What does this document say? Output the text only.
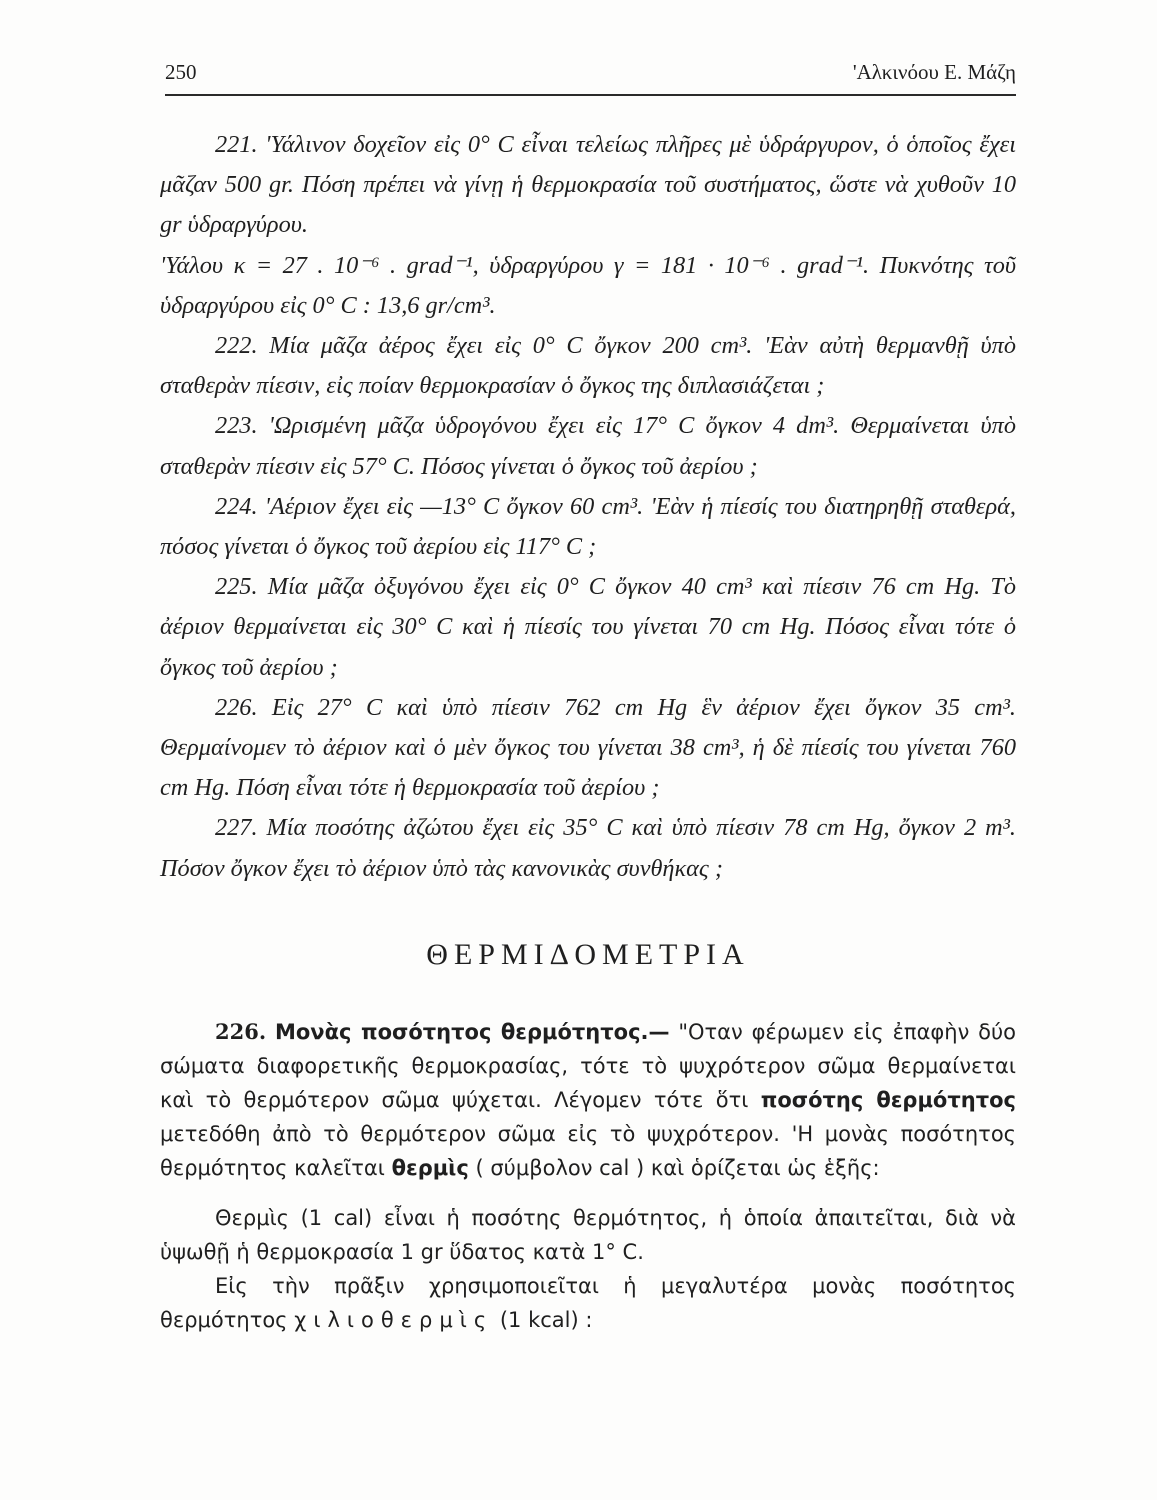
250	'Αλκινόου Ε. Μάζη

221. 'Υάλινον δοχεῖον εἰς 0° C εἶναι τελείως πλῆρες μὲ ὑδράργυρον, ὁ ὁποῖος ἔχει μᾶζαν 500 gr. Πόση πρέπει νὰ γίνῃ ἡ θερμοκρασία τοῦ συστήματος, ὥστε νὰ χυθοῦν 10 gr ὑδραργύρου.

'Υάλου κ = 27 . 10⁻⁶ . grad⁻¹, ὑδραργύρου γ = 181 · 10⁻⁶ . grad⁻¹. Πυκνότης τοῦ ὑδραργύρου εἰς 0° C : 13,6 gr/cm³.

222. Μία μᾶζα ἀέρος ἔχει εἰς 0° C ὄγκον 200 cm³. 'Εὰν αὐτὴ θερμανθῇ ὑπὸ σταθερὰν πίεσιν, εἰς ποίαν θερμοκρασίαν ὁ ὄγκος της διπλασιάζεται ;

223. 'Ωρισμένη μᾶζα ὑδρογόνου ἔχει εἰς 17° C ὄγκον 4 dm³. Θερμαίνεται ὑπὸ σταθερὰν πίεσιν εἰς 57° C. Πόσος γίνεται ὁ ὄγκος τοῦ ἀερίου ;

224. 'Αέριον ἔχει εἰς —13° C ὄγκον 60 cm³. 'Εὰν ἡ πίεσίς του διατηρηθῇ σταθερά, πόσος γίνεται ὁ ὄγκος τοῦ ἀερίου εἰς 117° C ;

225. Μία μᾶζα ὀξυγόνου ἔχει εἰς 0° C ὄγκον 40 cm³ καὶ πίεσιν 76 cm Hg. Τὸ ἀέριον θερμαίνεται εἰς 30° C καὶ ἡ πίεσίς του γίνεται 70 cm Hg. Πόσος εἶναι τότε ὁ ὄγκος τοῦ ἀερίου ;

226. Εἰς 27° C καὶ ὑπὸ πίεσιν 762 cm Hg ἓν ἀέριον ἔχει ὄγκον 35 cm³. Θερμαίνομεν τὸ ἀέριον καὶ ὁ μὲν ὄγκος του γίνεται 38 cm³, ἡ δὲ πίεσίς του γίνεται 760 cm Hg. Πόση εἶναι τότε ἡ θερμοκρασία τοῦ ἀερίου ;

227. Μία ποσότης ἀζώτου ἔχει εἰς 35° C καὶ ὑπὸ πίεσιν 78 cm Hg, ὄγκον 2 m³. Πόσον ὄγκον ἔχει τὸ ἀέριον ὑπὸ τὰς κανονικὰς συνθήκας ;

ΘΕΡΜΙΔΟΜΕΤΡΙΑ

226. Μονὰς ποσότητος θερμότητος.— "Οταν φέρωμεν εἰς ἐπαφὴν δύο σώματα διαφορετικῆς θερμοκρασίας, τότε τὸ ψυχρότερον σῶμα θερμαίνεται καὶ τὸ θερμότερον σῶμα ψύχεται. Λέγομεν τότε ὅτι ποσότης θερμότητος μετεδόθη ἀπὸ τὸ θερμότερον σῶμα εἰς τὸ ψυχρότερον. 'Η μονὰς ποσότητος θερμότητος καλεῖται θερμὶς ( σύμβολον cal ) καὶ ὁρίζεται ὡς ἑξῆς:

Θερμὶς (1 cal) εἶναι ἡ ποσότης θερμότητος, ἡ ὁποία ἀπαιτεῖται, διὰ νὰ ὑψωθῇ ἡ θερμοκρασία 1 gr ὕδατος κατὰ 1° C.

Εἰς τὴν πρᾶξιν χρησιμοποιεῖται ἡ μεγαλυτέρα μονὰς ποσότητος θερμότητος χιλιοθερμὶς (1 kcal) :
